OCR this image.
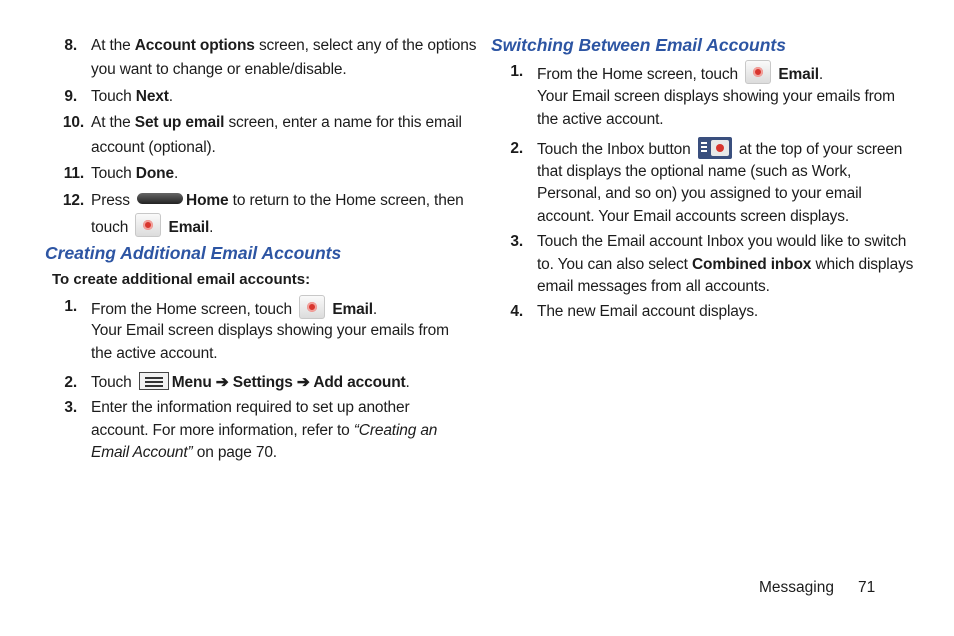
8. At the Account options screen, select any of the options
you want to change or enable/disable.
9. Touch Next.
10. At the Set up email screen, enter a name for this email
account (optional).
11. Touch Done.
12. Press	Home to return to the Home screen, then
touch  Email.
Creating Additional Email Accounts
To create additional email accounts:
1. From the Home screen, touch  Email.
Your Email screen displays showing your emails from
the active account.
2. Touch
Menu ➔ Settings ➔ Add account.
3. Enter the information required to set up another
account. For more information, refer to “Creating an
Email Account” on page 70.
Switching Between Email Accounts
1. From the Home screen, touch  Email.
Your Email screen displays showing your emails from
the active account.
2. Touch the Inbox button	at the top of your screen
that displays the optional name (such as Work,
Personal, and so on) you assigned to your email
account. Your Email accounts screen displays.
3. Touch the Email account Inbox you would like to switch
to. You can also select Combined inbox which displays
email messages from all accounts.
4. The new Email account displays.
Messaging 71
